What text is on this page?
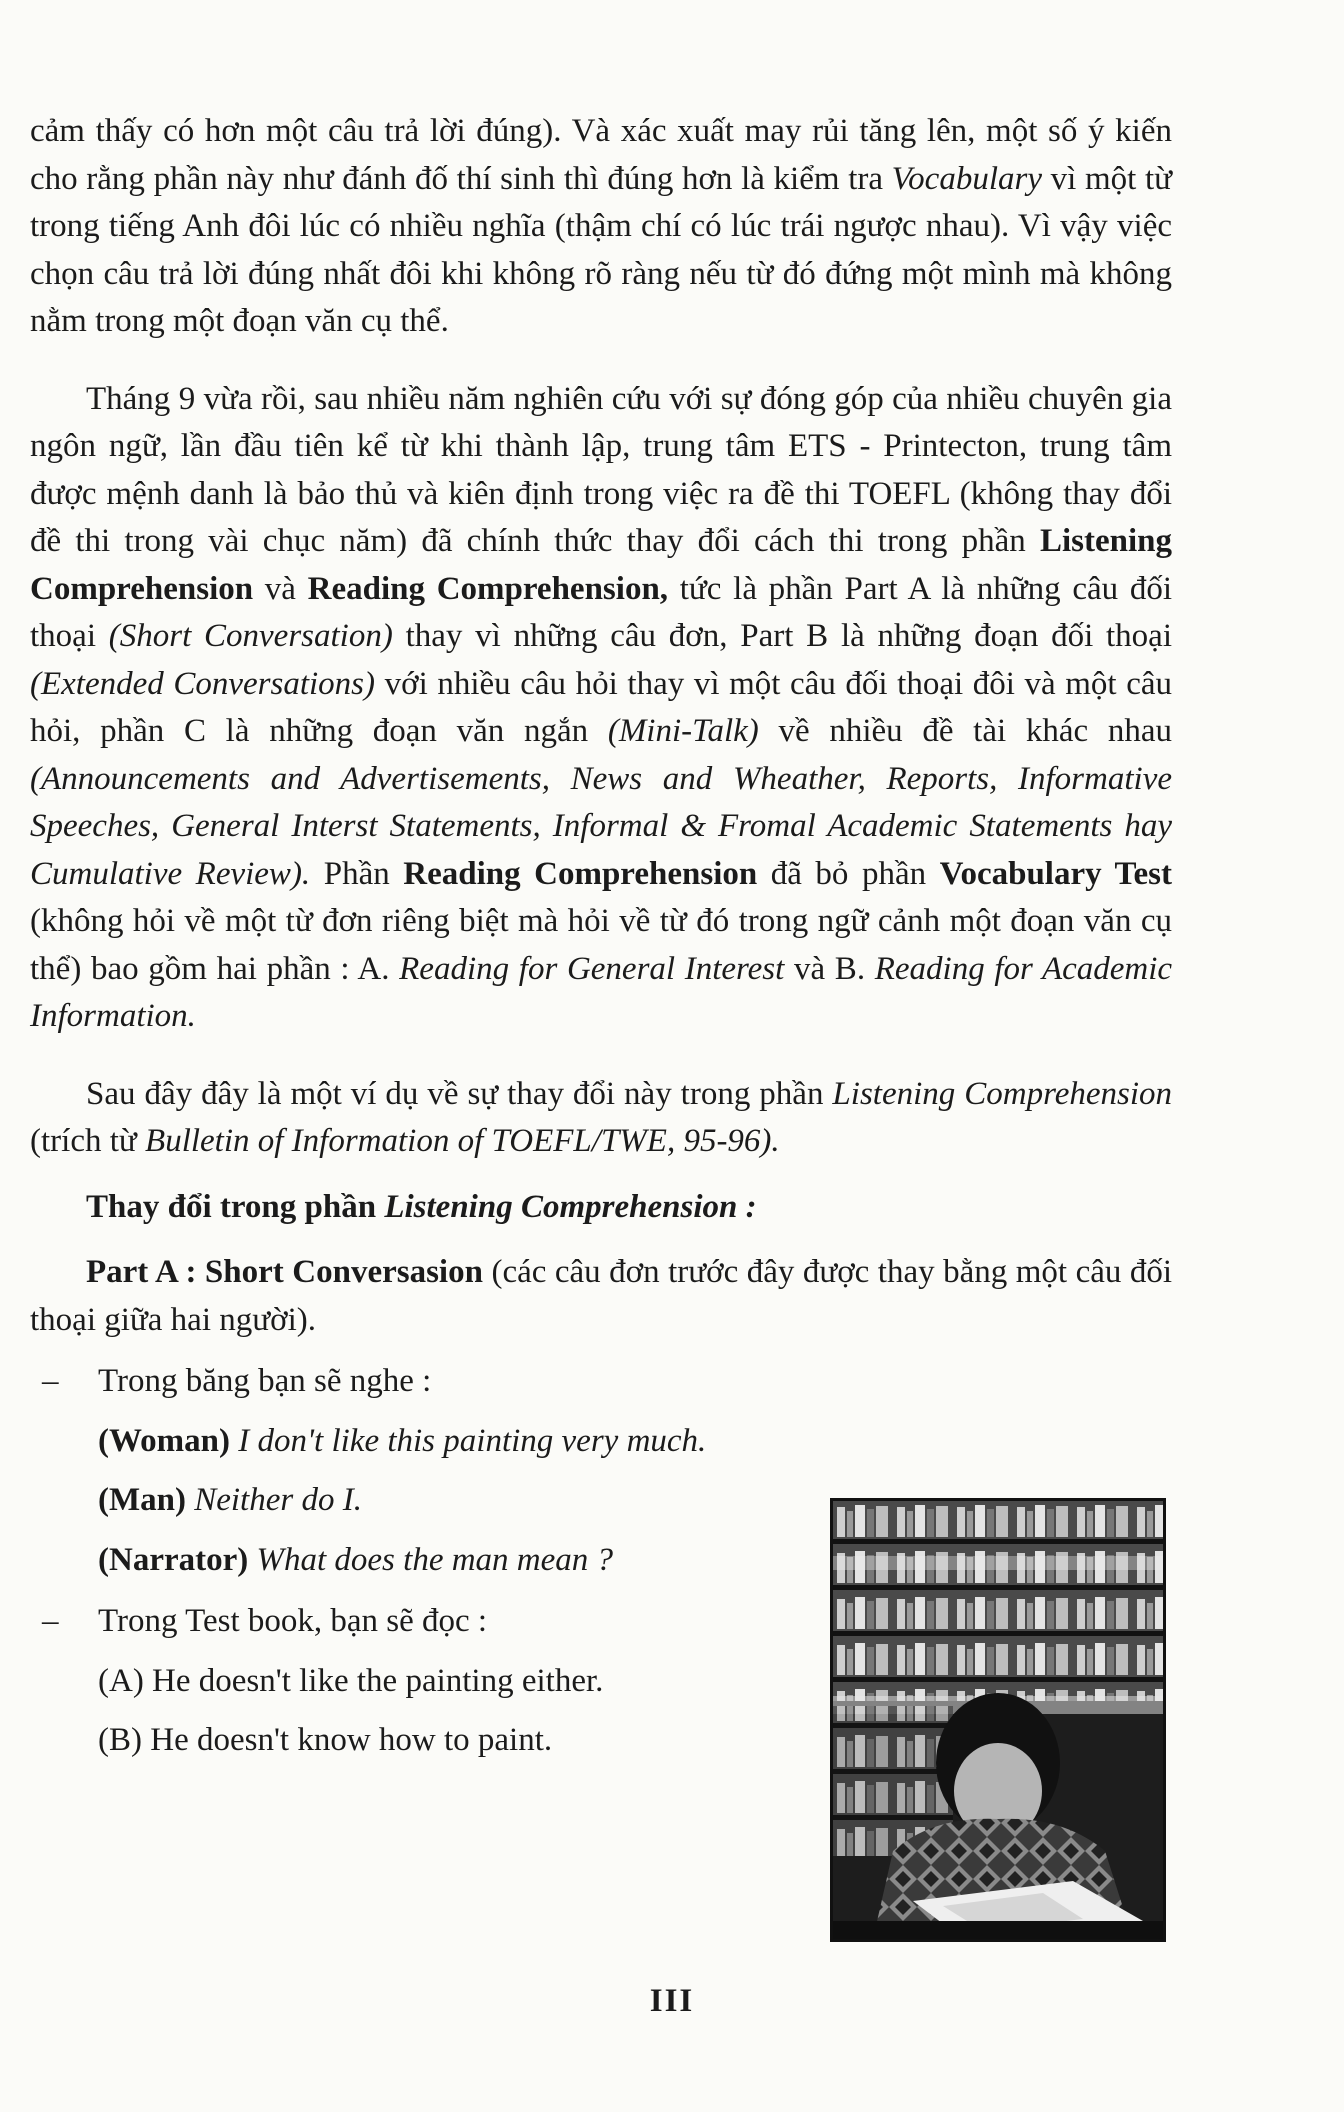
cảm thấy có hơn một câu trả lời đúng). Và xác xuất may rủi tăng lên, một số ý kiến cho rằng phần này như đánh đố thí sinh thì đúng hơn là kiểm tra Vocabulary vì một từ trong tiếng Anh đôi lúc có nhiều nghĩa (thậm chí có lúc trái ngược nhau). Vì vậy việc chọn câu trả lời đúng nhất đôi khi không rõ ràng nếu từ đó đứng một mình mà không nằm trong một đoạn văn cụ thể.

Tháng 9 vừa rồi, sau nhiều năm nghiên cứu với sự đóng góp của nhiều chuyên gia ngôn ngữ, lần đầu tiên kể từ khi thành lập, trung tâm ETS - Printecton, trung tâm được mệnh danh là bảo thủ và kiên định trong việc ra đề thi TOEFL (không thay đổi đề thi trong vài chục năm) đã chính thức thay đổi cách thi trong phần Listening Comprehension và Reading Comprehension, tức là phần Part A là những câu đối thoại (Short Conversation) thay vì những câu đơn, Part B là những đoạn đối thoại (Extended Conversations) với nhiều câu hỏi thay vì một câu đối thoại đôi và một câu hỏi, phần C là những đoạn văn ngắn (Mini-Talk) về nhiều đề tài khác nhau (Announcements and Advertisements, News and Wheather, Reports, Informative Speeches, General Interst Statements, Informal & Fromal Academic Statements hay Cumulative Review). Phần Reading Comprehension đã bỏ phần Vocabulary Test (không hỏi về một từ đơn riêng biệt mà hỏi về từ đó trong ngữ cảnh một đoạn văn cụ thể) bao gồm hai phần : A. Reading for General Interest và B. Reading for Academic Information.

Sau đây đây là một ví dụ về sự thay đổi này trong phần Listening Comprehension (trích từ Bulletin of Information of TOEFL/TWE, 95-96).

Thay đổi trong phần Listening Comprehension :

Part A : Short Conversasion (các câu đơn trước đây được thay bằng một câu đối thoại giữa hai người).

– Trong băng bạn sẽ nghe :
(Woman) I don't like this painting very much.
(Man) Neither do I.
(Narrator) What does the man mean ?
– Trong Test book, bạn sẽ đọc :
(A) He doesn't like the painting either.
(B) He doesn't know how to paint.
III
